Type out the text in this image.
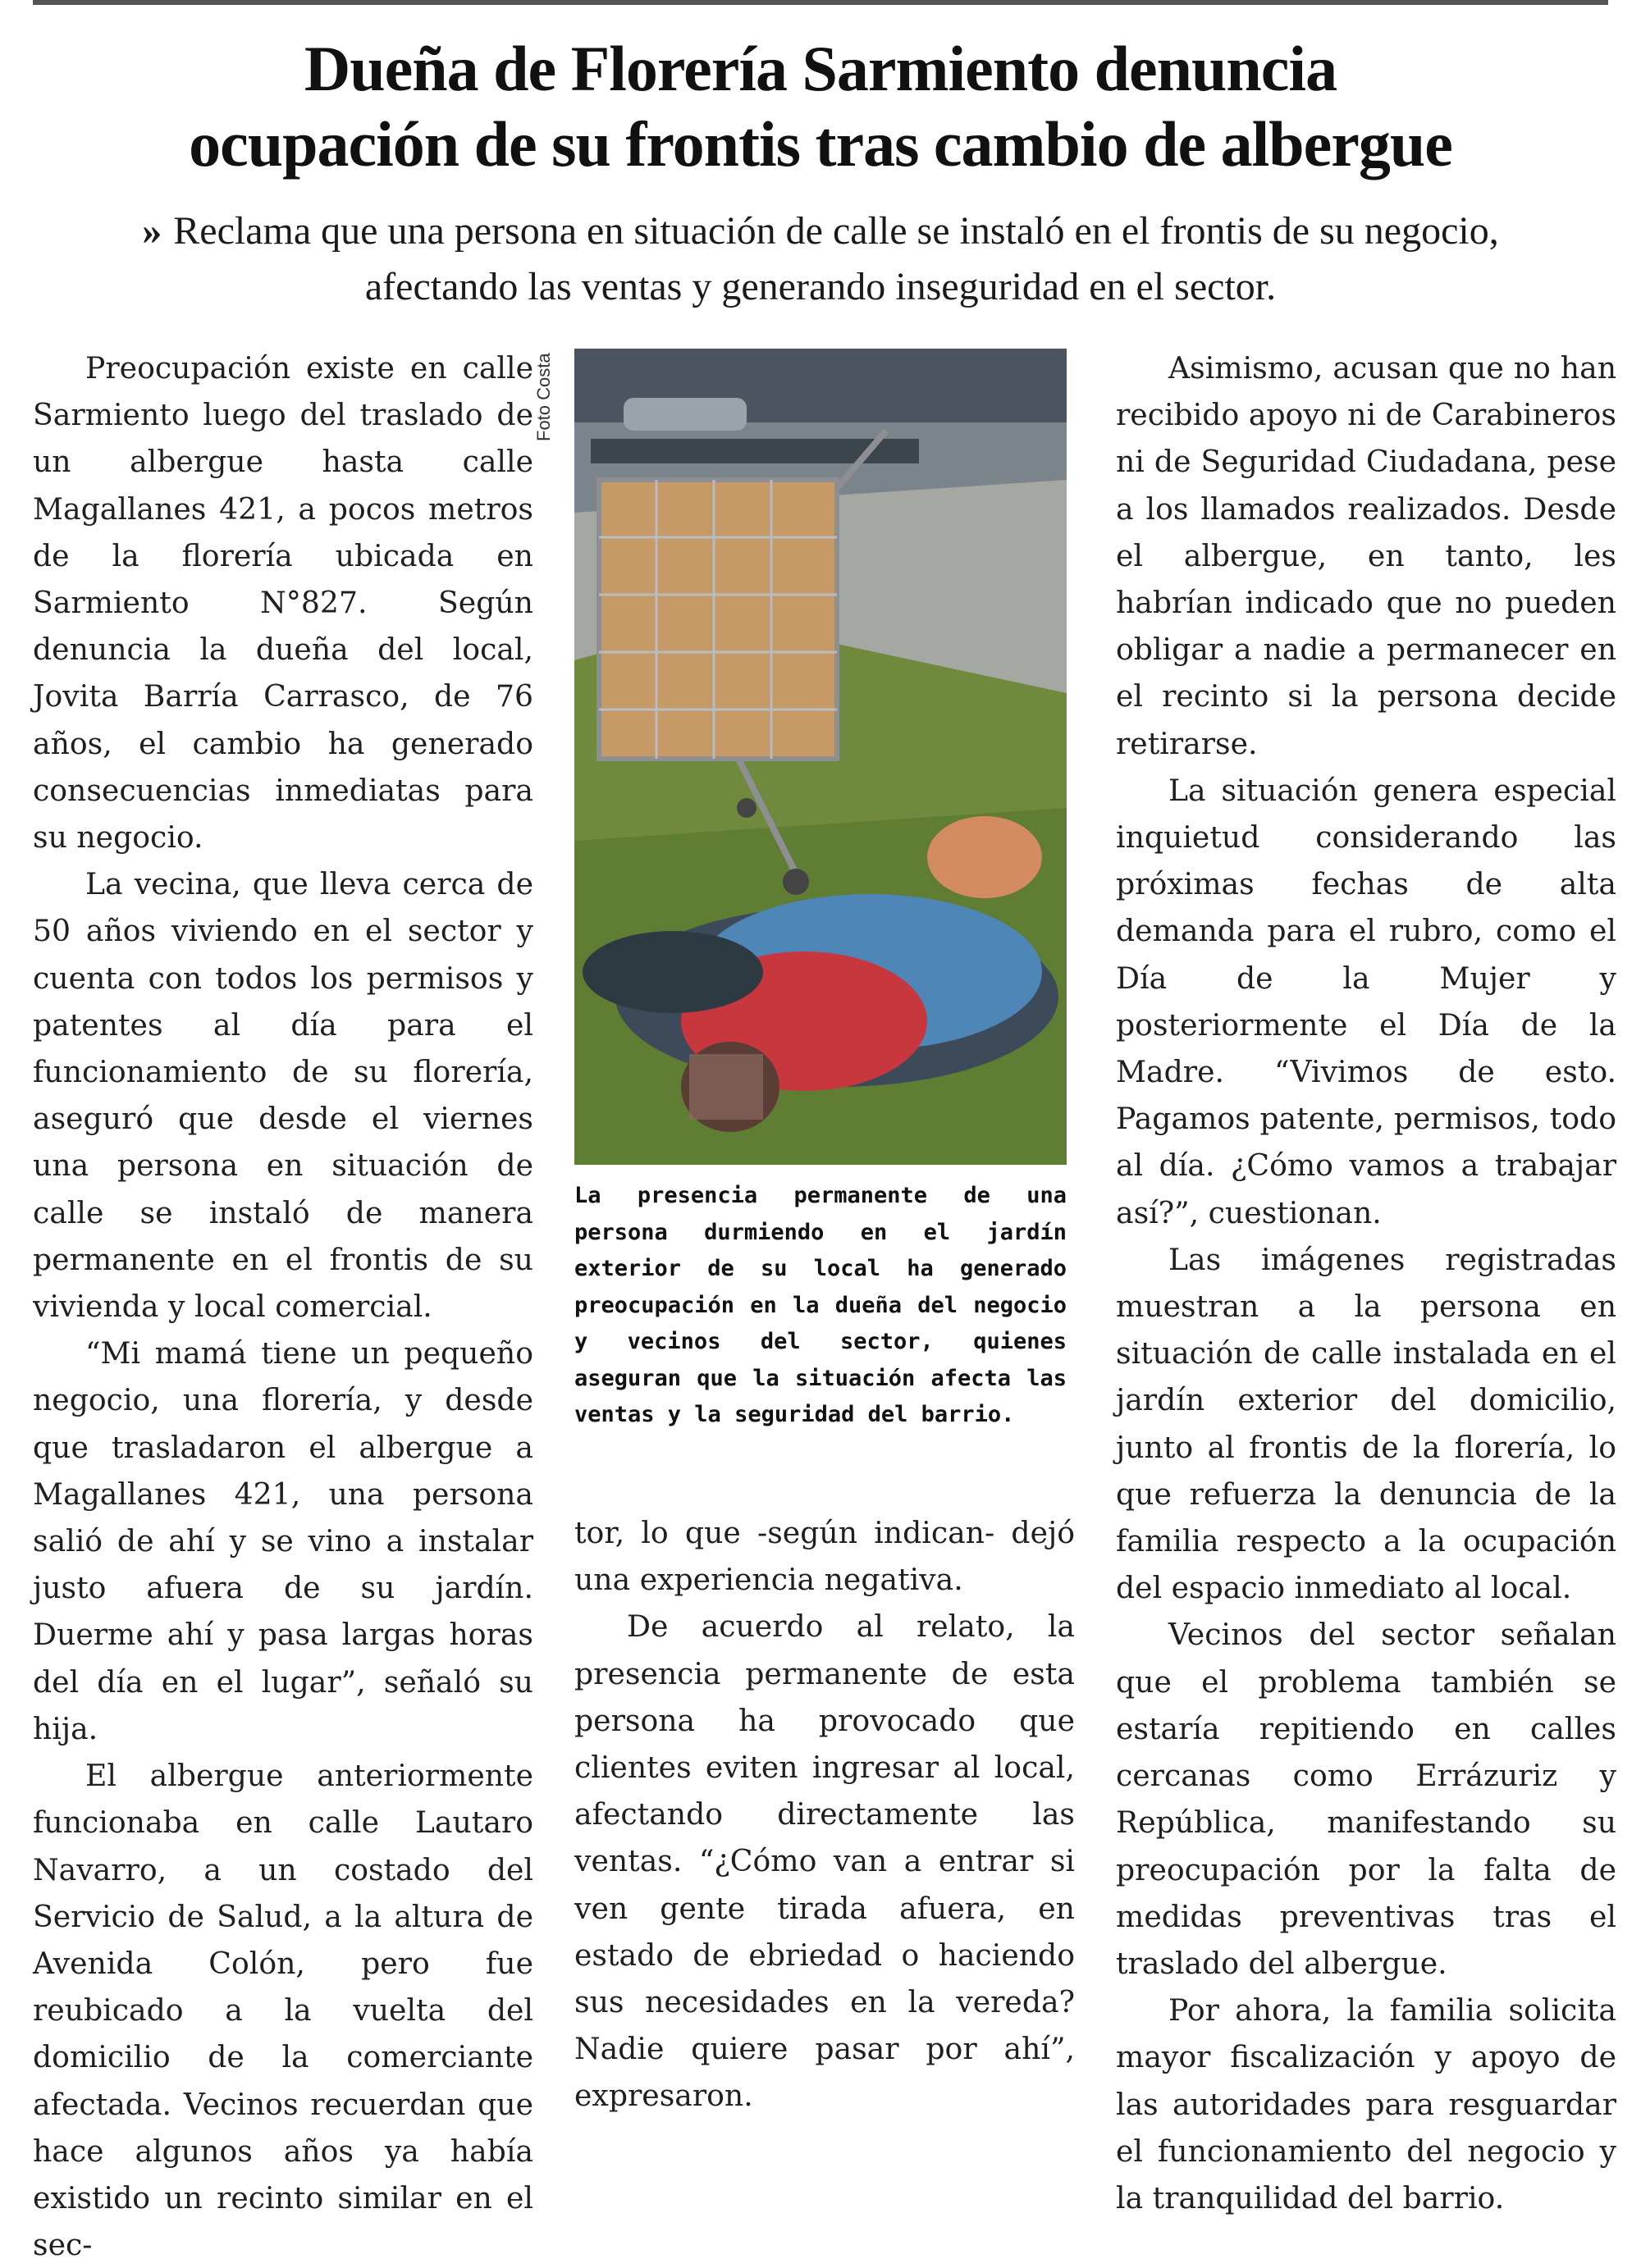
Dueña de Florería Sarmiento denuncia
ocupación de su frontis tras cambio de albergue
» Reclama que una persona en situación de calle se instaló en el frontis de su negocio, afectando las ventas y generando inseguridad en el sector.

Preocupación existe en calle Sarmiento luego del traslado de un albergue hasta calle Magallanes 421, a pocos metros de la florería ubicada en Sarmiento N°827. Según denuncia la dueña del local, Jovita Barría Carrasco, de 76 años, el cambio ha generado consecuencias inmediatas para su negocio.

La vecina, que lleva cerca de 50 años viviendo en el sector y cuenta con todos los permisos y patentes al día para el funcionamiento de su florería, aseguró que desde el viernes una persona en situación de calle se instaló de manera permanente en el frontis de su vivienda y local comercial.

“Mi mamá tiene un pequeño negocio, una florería, y desde que trasladaron el albergue a Magallanes 421, una persona salió de ahí y se vino a instalar justo afuera de su jardín. Duerme ahí y pasa largas horas del día en el lugar”, señaló su hija.

El albergue anteriormente funcionaba en calle Lautaro Navarro, a un costado del Servicio de Salud, a la altura de Avenida Colón, pero fue reubicado a la vuelta del domicilio de la comerciante afectada. Vecinos recuerdan que hace algunos años ya había existido un recinto similar en el sec-

Foto Costa
La presencia permanente de una persona durmiendo en el jardín exterior de su local ha generado preocupación en la dueña del negocio y vecinos del sector, quienes aseguran que la situación afecta las ventas y la seguridad del barrio.

tor, lo que -según indican- dejó una experiencia negativa.

De acuerdo al relato, la presencia permanente de esta persona ha provocado que clientes eviten ingresar al local, afectando directamente las ventas. “¿Cómo van a entrar si ven gente tirada afuera, en estado de ebriedad o haciendo sus necesidades en la vereda? Nadie quiere pasar por ahí”, expresaron.

Asimismo, acusan que no han recibido apoyo ni de Carabineros ni de Seguridad Ciudadana, pese a los llamados realizados. Desde el albergue, en tanto, les habrían indicado que no pueden obligar a nadie a permanecer en el recinto si la persona decide retirarse.

La situación genera especial inquietud considerando las próximas fechas de alta demanda para el rubro, como el Día de la Mujer y posteriormente el Día de la Madre. “Vivimos de esto. Pagamos patente, permisos, todo al día. ¿Cómo vamos a trabajar así?”, cuestionan.

Las imágenes registradas muestran a la persona en situación de calle instalada en el jardín exterior del domicilio, junto al frontis de la florería, lo que refuerza la denuncia de la familia respecto a la ocupación del espacio inmediato al local.

Vecinos del sector señalan que el problema también se estaría repitiendo en calles cercanas como Errázuriz y República, manifestando su preocupación por la falta de medidas preventivas tras el traslado del albergue.

Por ahora, la familia solicita mayor fiscalización y apoyo de las autoridades para resguardar el funcionamiento del negocio y la tranquilidad del barrio.
